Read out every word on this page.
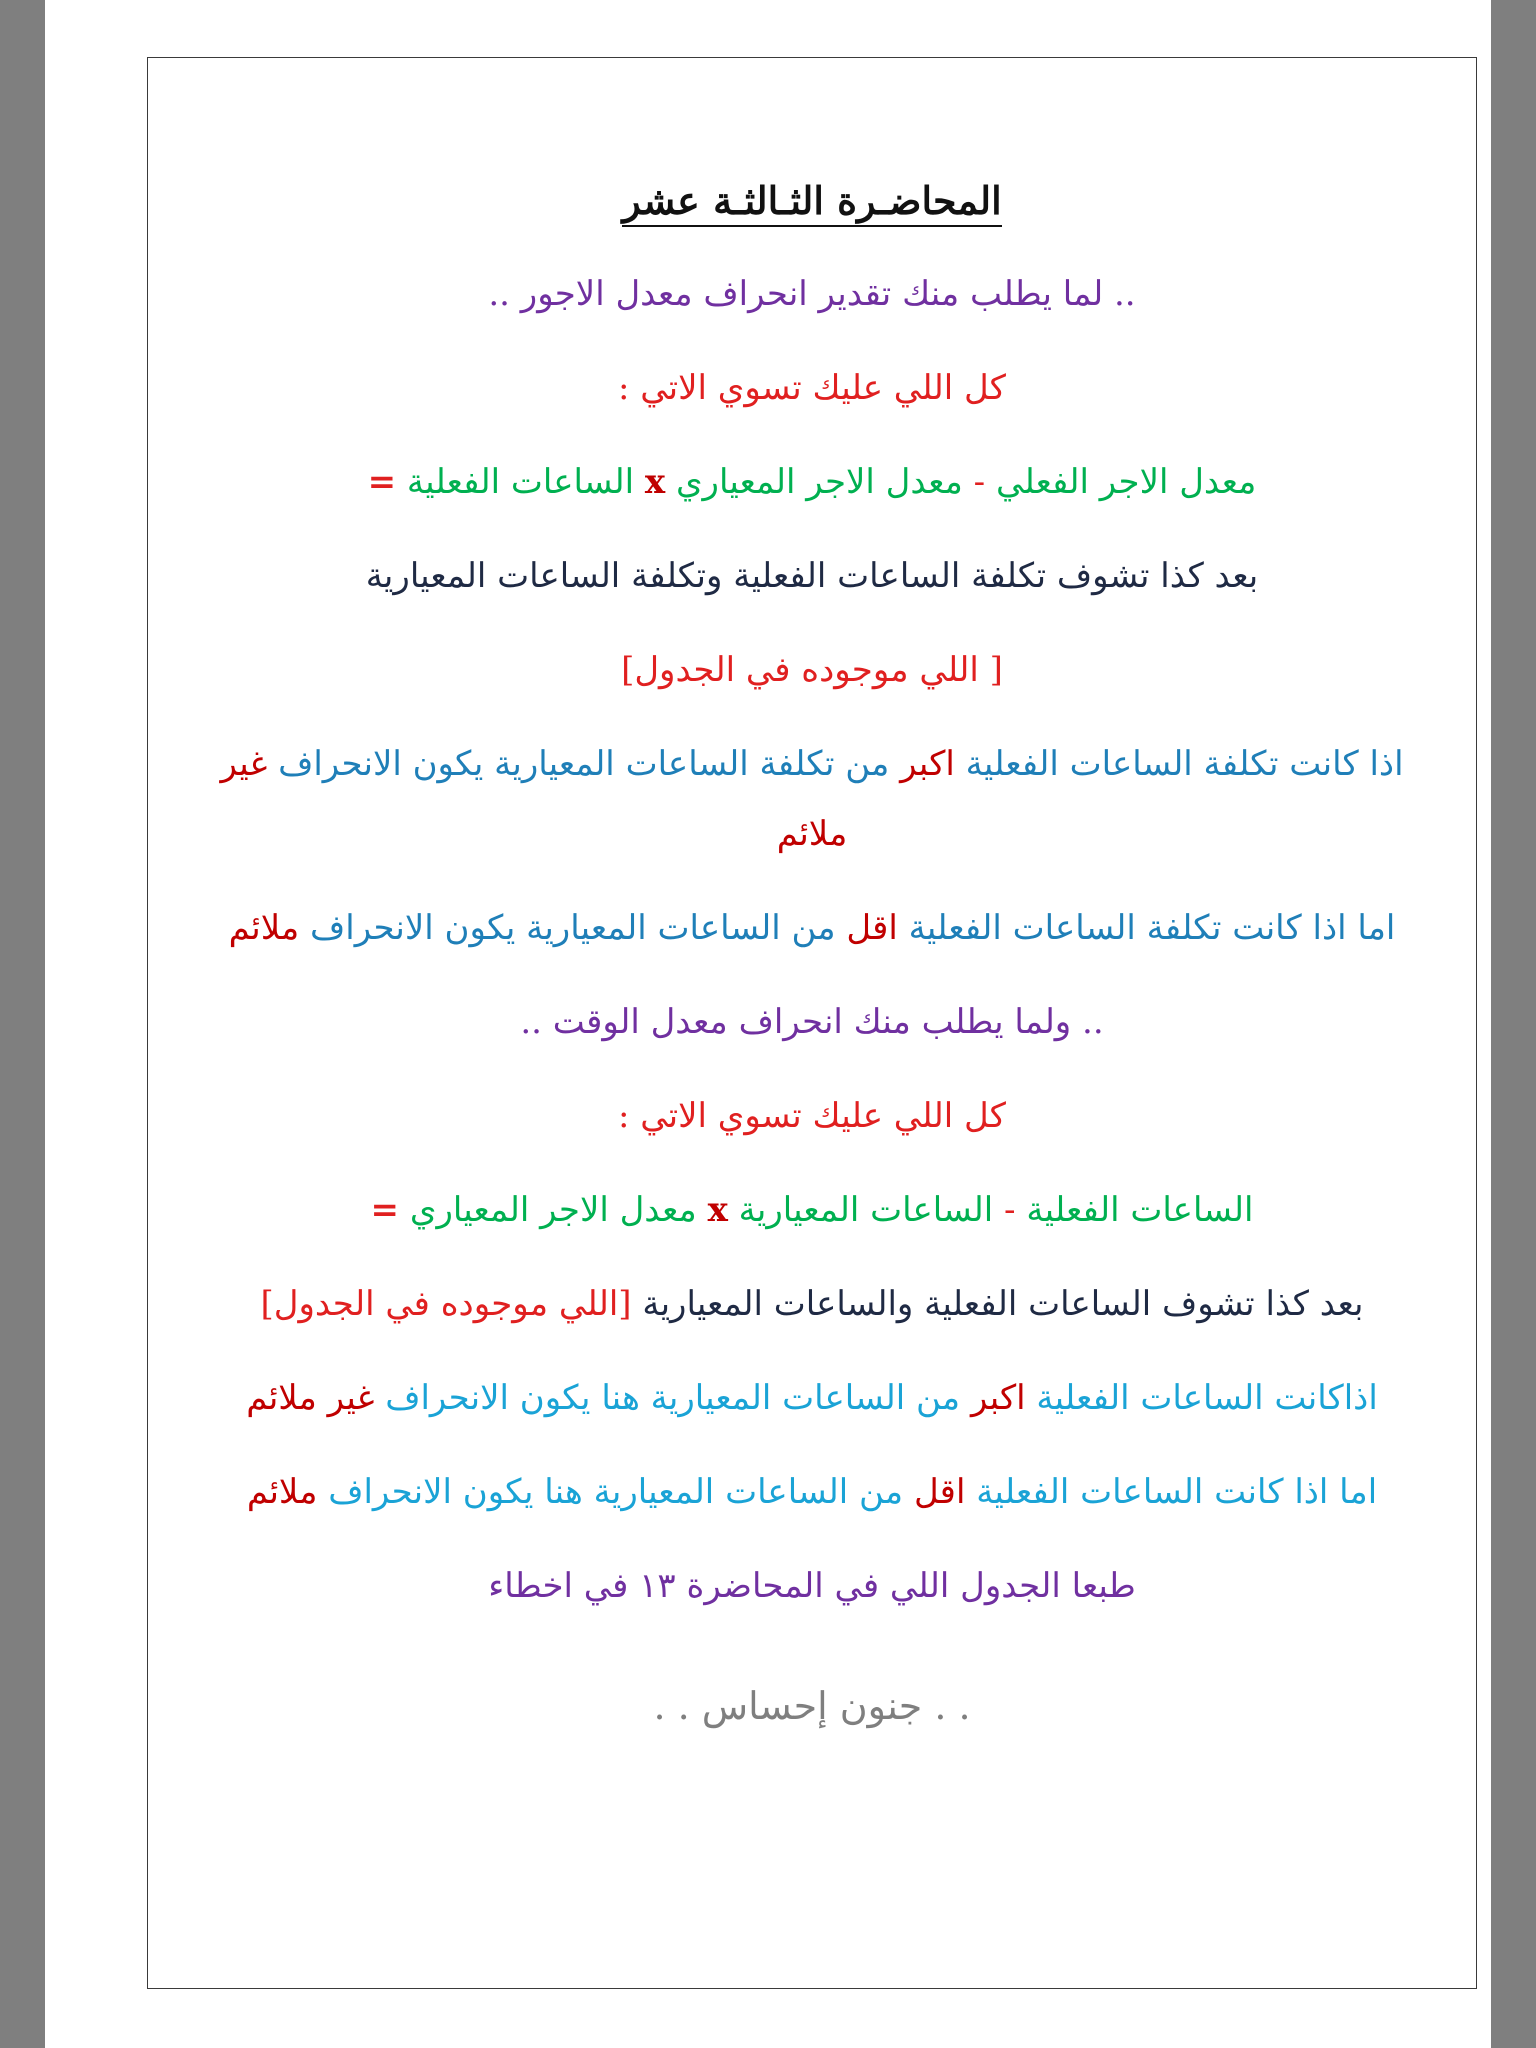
المحاضـرة الثـالثـة عشر
.. لما يطلب منك تقدير انحراف معدل الاجور ..
كل اللي عليك تسوي الاتي :
معدل الاجر الفعلي - معدل الاجر المعياري x الساعات الفعلية =
بعد كذا تشوف تكلفة الساعات الفعلية وتكلفة الساعات المعيارية
[ اللي موجوده في الجدول]
اذا كانت تكلفة الساعات الفعلية اكبر من تكلفة الساعات المعيارية يكون الانحراف غير
ملائم
اما اذا كانت تكلفة الساعات الفعلية اقل من الساعات المعيارية يكون الانحراف ملائم
.. ولما يطلب منك انحراف معدل الوقت ..
كل اللي عليك تسوي الاتي :
الساعات الفعلية - الساعات المعيارية x معدل الاجر المعياري =
بعد كذا تشوف الساعات الفعلية والساعات المعيارية [اللي موجوده في الجدول]
اذاكانت الساعات الفعلية اكبر من الساعات المعيارية هنا يكون الانحراف غير ملائم
اما اذا كانت الساعات الفعلية اقل من الساعات المعيارية هنا يكون الانحراف ملائم
طبعا الجدول اللي في المحاضرة ١٣ في اخطاء
. . جنون إحساس . .
